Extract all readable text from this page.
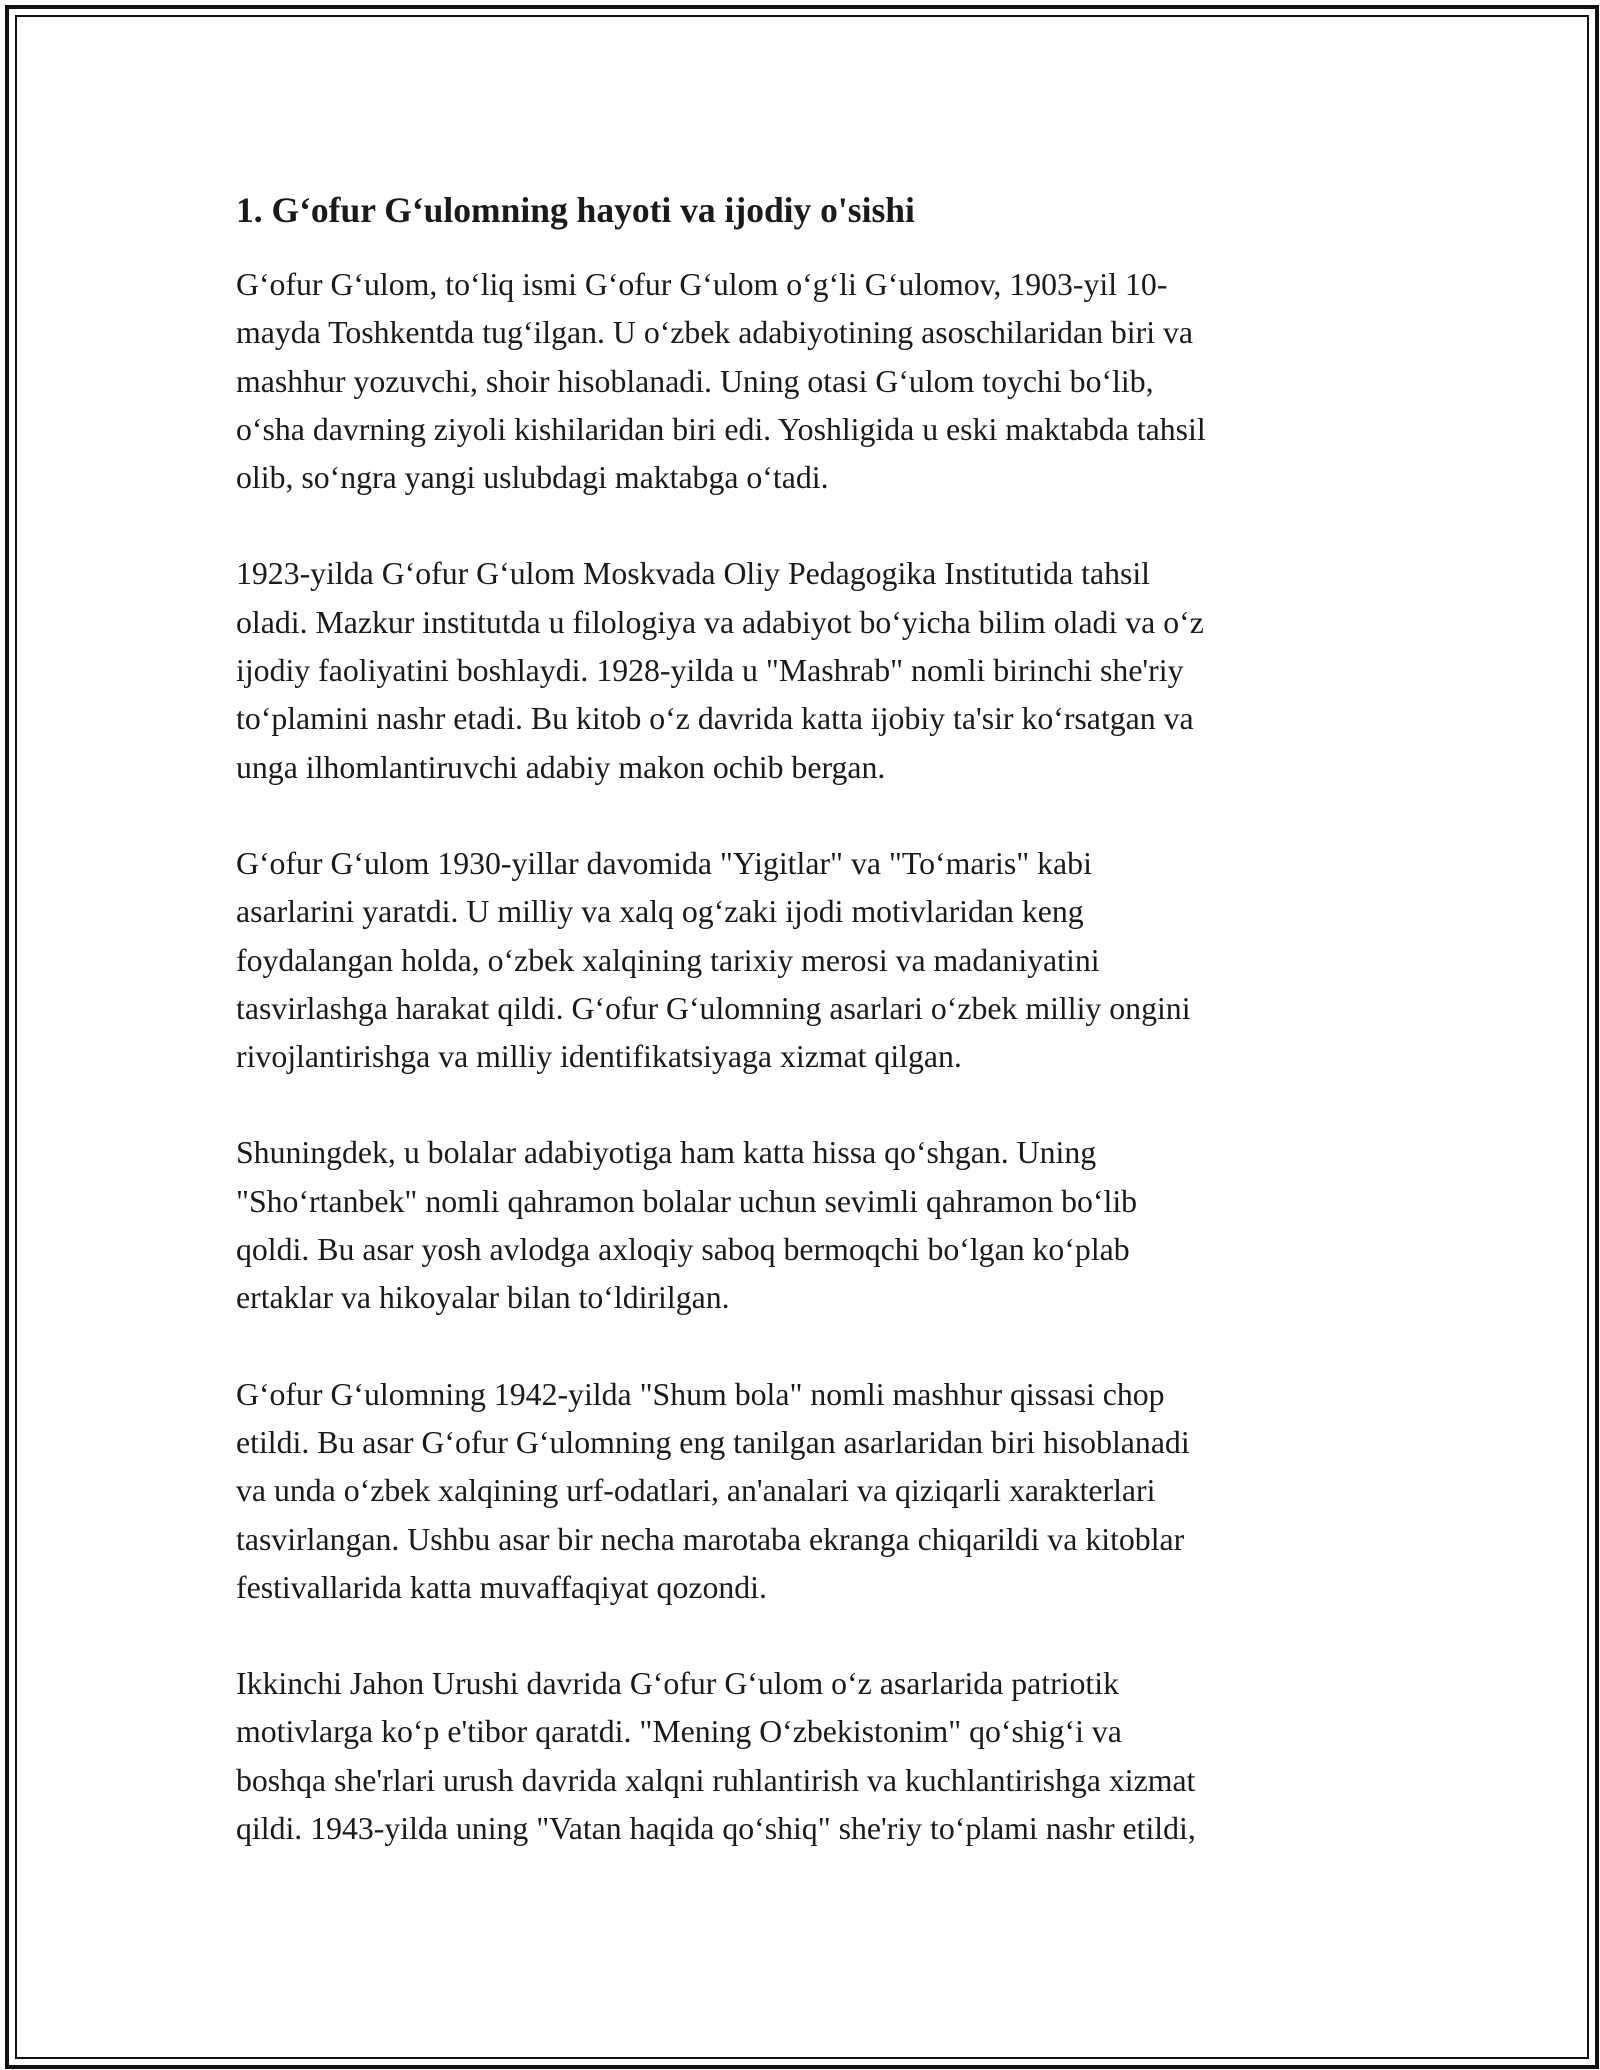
1. G‘ofur G‘ulomning hayoti va ijodiy o'sishi

G‘ofur G‘ulom, to‘liq ismi G‘ofur G‘ulom o‘g‘li G‘ulomov, 1903-yil 10-
mayda Toshkentda tug‘ilgan. U o‘zbek adabiyotining asoschilaridan biri va
mashhur yozuvchi, shoir hisoblanadi. Uning otasi G‘ulom toychi bo‘lib,
o‘sha davrning ziyoli kishilaridan biri edi. Yoshligida u eski maktabda tahsil
olib, so‘ngra yangi uslubdagi maktabga o‘tadi.

1923-yilda G‘ofur G‘ulom Moskvada Oliy Pedagogika Institutida tahsil
oladi. Mazkur institutda u filologiya va adabiyot bo‘yicha bilim oladi va o‘z
ijodiy faoliyatini boshlaydi. 1928-yilda u "Mashrab" nomli birinchi she'riy
to‘plamini nashr etadi. Bu kitob o‘z davrida katta ijobiy ta'sir ko‘rsatgan va
unga ilhomlantiruvchi adabiy makon ochib bergan.

G‘ofur G‘ulom 1930-yillar davomida "Yigitlar" va "To‘maris" kabi
asarlarini yaratdi. U milliy va xalq og‘zaki ijodi motivlaridan keng
foydalangan holda, o‘zbek xalqining tarixiy merosi va madaniyatini
tasvirlashga harakat qildi. G‘ofur G‘ulomning asarlari o‘zbek milliy ongini
rivojlantirishga va milliy identifikatsiyaga xizmat qilgan.

Shuningdek, u bolalar adabiyotiga ham katta hissa qo‘shgan. Uning
"Sho‘rtanbek" nomli qahramon bolalar uchun sevimli qahramon bo‘lib
qoldi. Bu asar yosh avlodga axloqiy saboq bermoqchi bo‘lgan ko‘plab
ertaklar va hikoyalar bilan to‘ldirilgan.

G‘ofur G‘ulomning 1942-yilda "Shum bola" nomli mashhur qissasi chop
etildi. Bu asar G‘ofur G‘ulomning eng tanilgan asarlaridan biri hisoblanadi
va unda o‘zbek xalqining urf-odatlari, an'analari va qiziqarli xarakterlari
tasvirlangan. Ushbu asar bir necha marotaba ekranga chiqarildi va kitoblar
festivallarida katta muvaffaqiyat qozondi.

Ikkinchi Jahon Urushi davrida G‘ofur G‘ulom o‘z asarlarida patriotik
motivlarga ko‘p e'tibor qaratdi. "Mening O‘zbekistonim" qo‘shig‘i va
boshqa she'rlari urush davrida xalqni ruhlantirish va kuchlantirishga xizmat
qildi. 1943-yilda uning "Vatan haqida qo‘shiq" she'riy to‘plami nashr etildi,
